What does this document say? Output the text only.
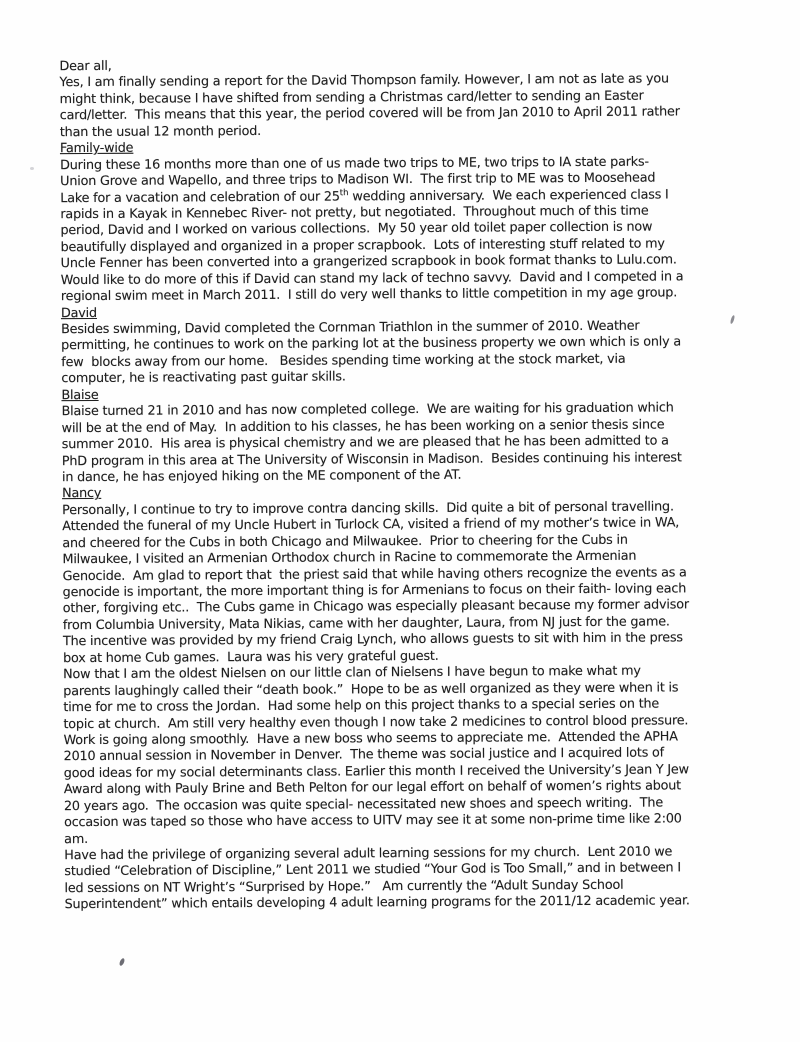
Dear all,
Yes, I am finally sending a report for the David Thompson family. However, I am not as late as you
might think, because I have shifted from sending a Christmas card/letter to sending an Easter
card/letter.  This means that this year, the period covered will be from Jan 2010 to April 2011 rather
than the usual 12 month period.
Family-wide
During these 16 months more than one of us made two trips to ME, two trips to IA state parks-
Union Grove and Wapello, and three trips to Madison WI.  The first trip to ME was to Moosehead
Lake for a vacation and celebration of our 25th wedding anniversary.  We each experienced class I
rapids in a Kayak in Kennebec River- not pretty, but negotiated.  Throughout much of this time
period, David and I worked on various collections.  My 50 year old toilet paper collection is now
beautifully displayed and organized in a proper scrapbook.  Lots of interesting stuff related to my
Uncle Fenner has been converted into a grangerized scrapbook in book format thanks to Lulu.com.
Would like to do more of this if David can stand my lack of techno savvy.  David and I competed in a
regional swim meet in March 2011.  I still do very well thanks to little competition in my age group.
David
Besides swimming, David completed the Cornman Triathlon in the summer of 2010. Weather
permitting, he continues to work on the parking lot at the business property we own which is only a
few  blocks away from our home.   Besides spending time working at the stock market, via
computer, he is reactivating past guitar skills.
Blaise
Blaise turned 21 in 2010 and has now completed college.  We are waiting for his graduation which
will be at the end of May.  In addition to his classes, he has been working on a senior thesis since
summer 2010.  His area is physical chemistry and we are pleased that he has been admitted to a
PhD program in this area at The University of Wisconsin in Madison.  Besides continuing his interest
in dance, he has enjoyed hiking on the ME component of the AT.
Nancy
Personally, I continue to try to improve contra dancing skills.  Did quite a bit of personal travelling.
Attended the funeral of my Uncle Hubert in Turlock CA, visited a friend of my mother’s twice in WA,
and cheered for the Cubs in both Chicago and Milwaukee.  Prior to cheering for the Cubs in
Milwaukee, I visited an Armenian Orthodox church in Racine to commemorate the Armenian
Genocide.  Am glad to report that  the priest said that while having others recognize the events as a
genocide is important, the more important thing is for Armenians to focus on their faith- loving each
other, forgiving etc..  The Cubs game in Chicago was especially pleasant because my former advisor
from Columbia University, Mata Nikias, came with her daughter, Laura, from NJ just for the game.
The incentive was provided by my friend Craig Lynch, who allows guests to sit with him in the press
box at home Cub games.  Laura was his very grateful guest.
Now that I am the oldest Nielsen on our little clan of Nielsens I have begun to make what my
parents laughingly called their “death book.”  Hope to be as well organized as they were when it is
time for me to cross the Jordan.  Had some help on this project thanks to a special series on the
topic at church.  Am still very healthy even though I now take 2 medicines to control blood pressure.
Work is going along smoothly.  Have a new boss who seems to appreciate me.  Attended the APHA
2010 annual session in November in Denver.  The theme was social justice and I acquired lots of
good ideas for my social determinants class. Earlier this month I received the University’s Jean Y Jew
Award along with Pauly Brine and Beth Pelton for our legal effort on behalf of women’s rights about
20 years ago.  The occasion was quite special- necessitated new shoes and speech writing.  The
occasion was taped so those who have access to UITV may see it at some non-prime time like 2:00
am.
Have had the privilege of organizing several adult learning sessions for my church.  Lent 2010 we
studied “Celebration of Discipline,” Lent 2011 we studied “Your God is Too Small,” and in between I
led sessions on NT Wright’s “Surprised by Hope.”   Am currently the “Adult Sunday School
Superintendent” which entails developing 4 adult learning programs for the 2011/12 academic year.
